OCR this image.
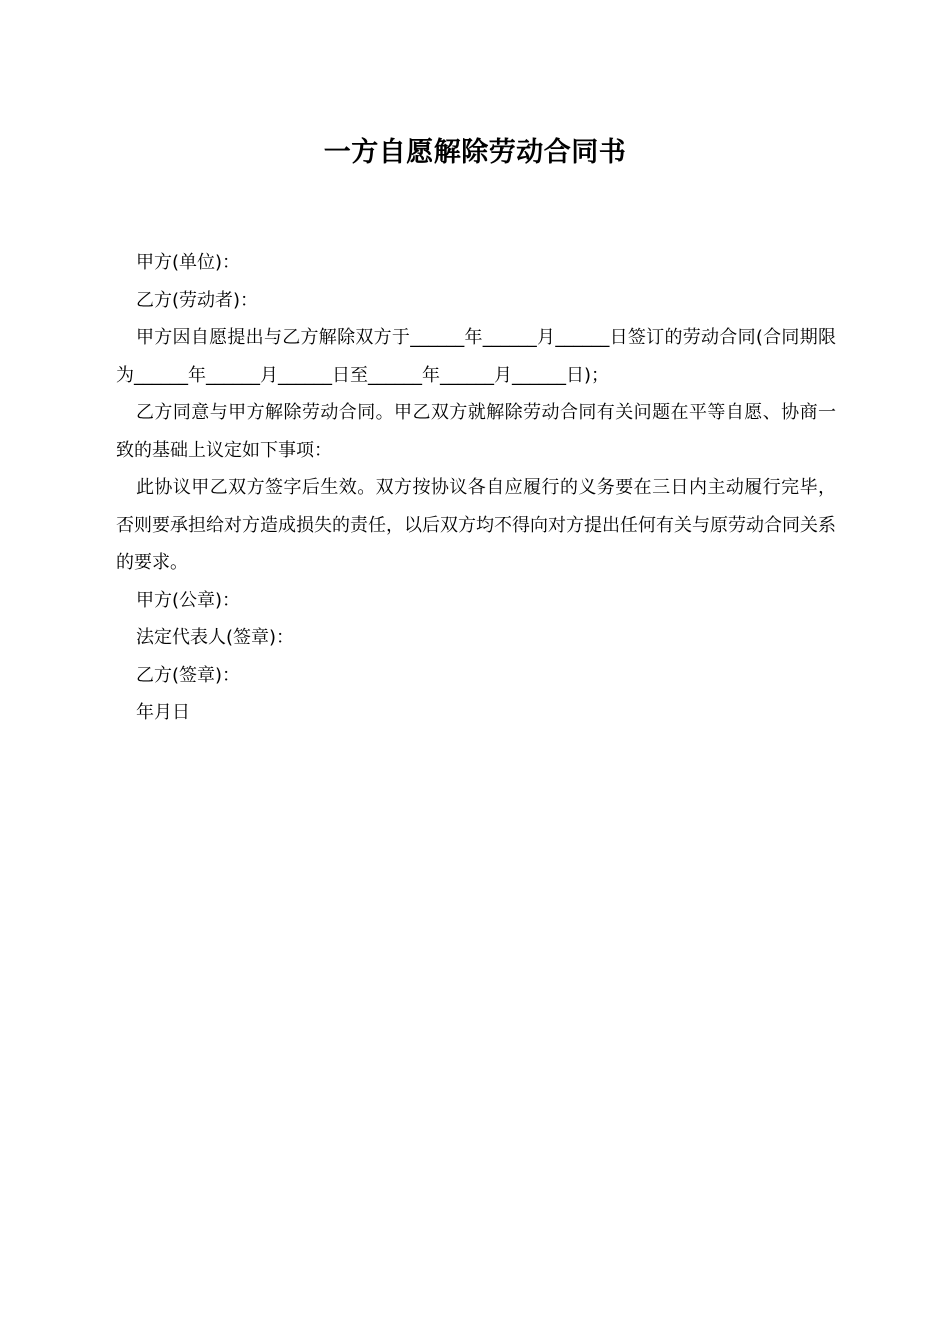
一方自愿解除劳动合同书

甲方(单位)：

乙方(劳动者)：

甲方因自愿提出与乙方解除双方于______年______月______日签订的劳动合同(合同期限为______年______月______日至______年______月______日)；

乙方同意与甲方解除劳动合同。甲乙双方就解除劳动合同有关问题在平等自愿、协商一致的基础上议定如下事项：

此协议甲乙双方签字后生效。双方按协议各自应履行的义务要在三日内主动履行完毕，否则要承担给对方造成损失的责任，以后双方均不得向对方提出任何有关与原劳动合同关系的要求。

甲方(公章)：

法定代表人(签章)：

乙方(签章)：

年月日
